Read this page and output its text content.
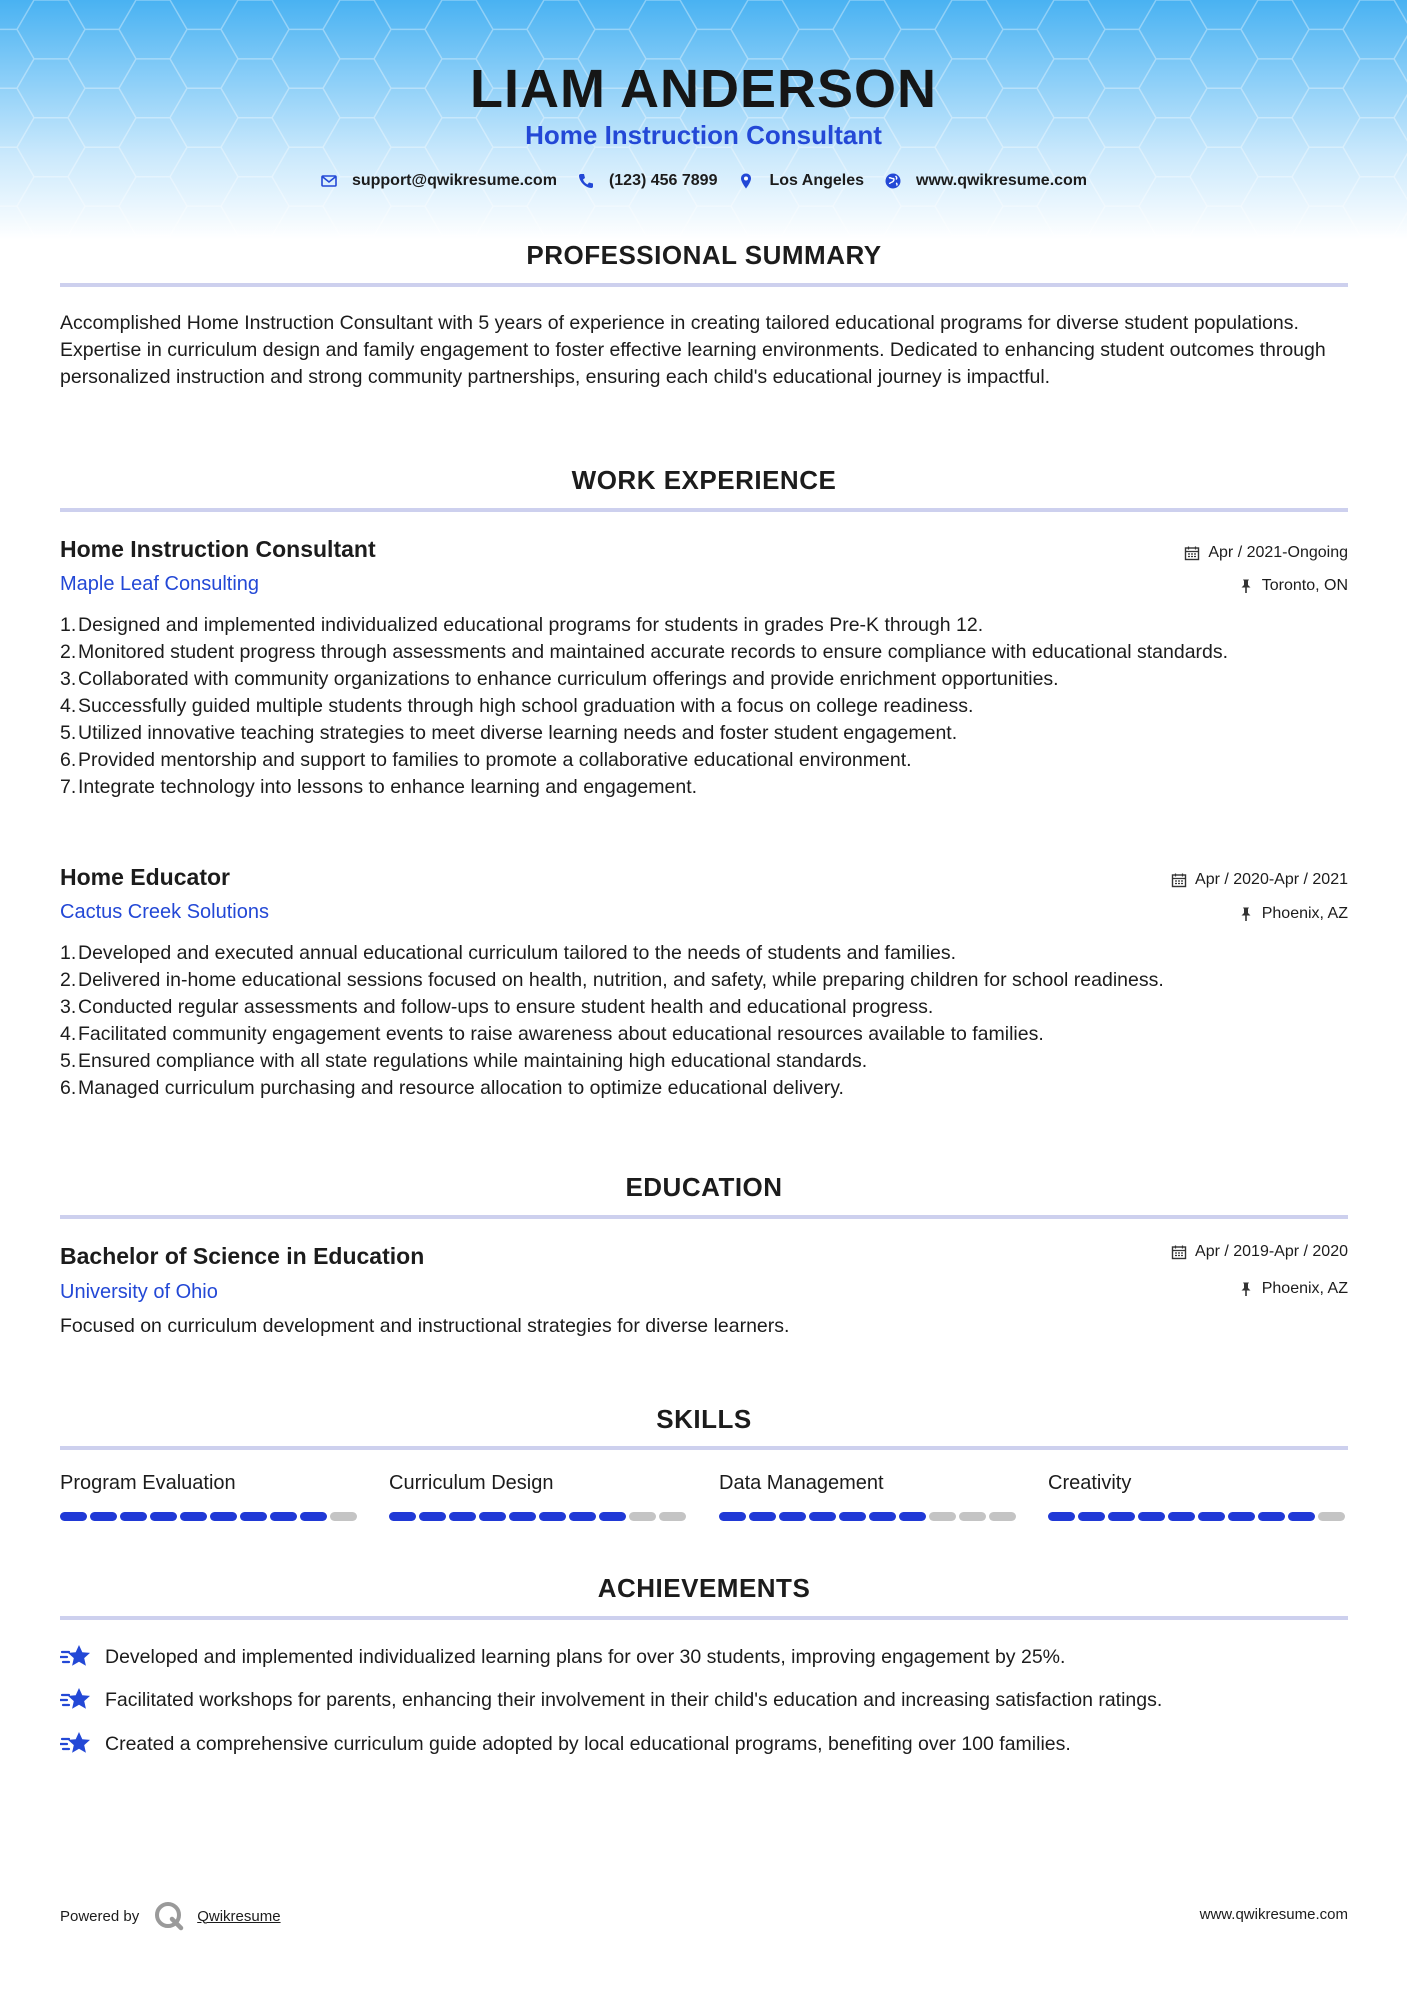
LIAM ANDERSON
Home Instruction Consultant
support@qwikresume.com	(123) 456 7899	Los Angeles	www.qwikresume.com
PROFESSIONAL SUMMARY
Accomplished Home Instruction Consultant with 5 years of experience in creating tailored educational programs for diverse student populations. Expertise in curriculum design and family engagement to foster effective learning environments. Dedicated to enhancing student outcomes through personalized instruction and strong community partnerships, ensuring each child's educational journey is impactful.
WORK EXPERIENCE
Home Instruction Consultant
Maple Leaf Consulting
Apr / 2021-Ongoing
Toronto, ON
1.Designed and implemented individualized educational programs for students in grades Pre-K through 12.
2.Monitored student progress through assessments and maintained accurate records to ensure compliance with educational standards.
3.Collaborated with community organizations to enhance curriculum offerings and provide enrichment opportunities.
4.Successfully guided multiple students through high school graduation with a focus on college readiness.
5.Utilized innovative teaching strategies to meet diverse learning needs and foster student engagement.
6.Provided mentorship and support to families to promote a collaborative educational environment.
7.Integrate technology into lessons to enhance learning and engagement.
Home Educator
Cactus Creek Solutions
Apr / 2020-Apr / 2021
Phoenix, AZ
1.Developed and executed annual educational curriculum tailored to the needs of students and families.
2.Delivered in-home educational sessions focused on health, nutrition, and safety, while preparing children for school readiness.
3.Conducted regular assessments and follow-ups to ensure student health and educational progress.
4.Facilitated community engagement events to raise awareness about educational resources available to families.
5.Ensured compliance with all state regulations while maintaining high educational standards.
6.Managed curriculum purchasing and resource allocation to optimize educational delivery.
EDUCATION
Bachelor of Science in Education
University of Ohio
Apr / 2019-Apr / 2020
Phoenix, AZ
Focused on curriculum development and instructional strategies for diverse learners.
SKILLS
Program Evaluation	Curriculum Design	Data Management	Creativity
ACHIEVEMENTS
Developed and implemented individualized learning plans for over 30 students, improving engagement by 25%.
Facilitated workshops for parents, enhancing their involvement in their child's education and increasing satisfaction ratings.
Created a comprehensive curriculum guide adopted by local educational programs, benefiting over 100 families.
Powered by	Qwikresume	www.qwikresume.com
